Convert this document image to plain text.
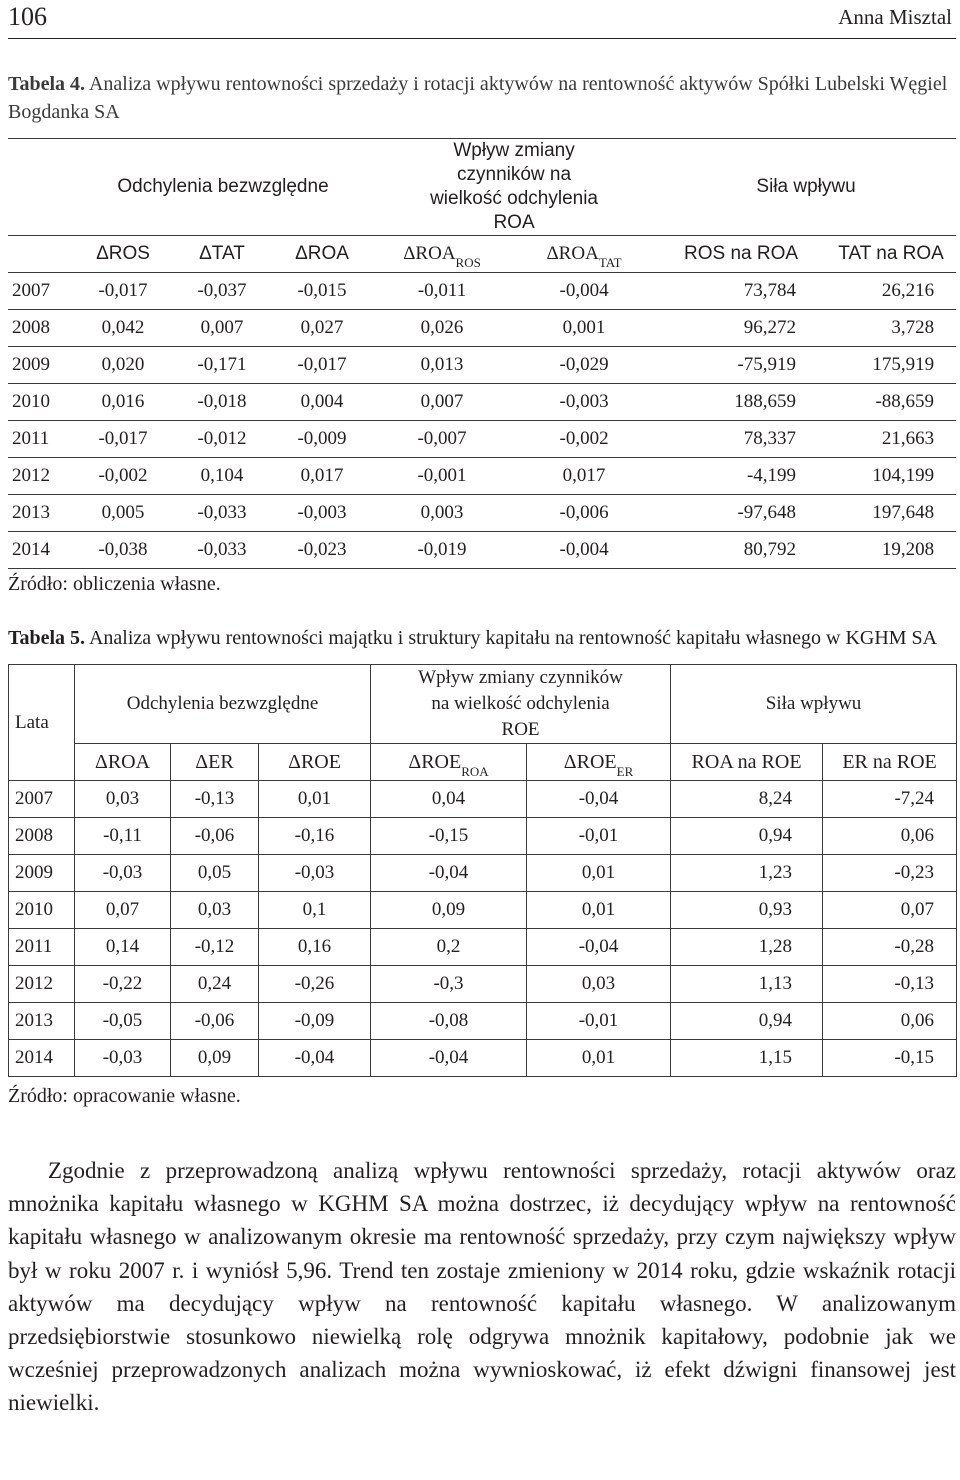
106	Anna Misztal
Tabela 4. Analiza wpływu rentowności sprzedaży i rotacji aktywów na rentowność aktywów Spółki Lubelski Węgiel Bogdanka SA
	Odchylenia bezwzględne			Wpływ zmiany czynników na wielkość odchylenia ROA		Siła wpływu	
	ΔROS	ΔTAT	ΔROA	$\Delta ROA_{ROS}$	$\Delta ROA_{TAT}$	ROS na ROA	TAT na ROA
2007	-0,017	-0,037	-0,015	-0,011	-0,004	73,784	26,216
2008	0,042	0,007	0,027	0,026	0,001	96,272	3,728
2009	0,020	-0,171	-0,017	0,013	-0,029	-75,919	175,919
2010	0,016	-0,018	0,004	0,007	-0,003	188,659	-88,659
2011	-0,017	-0,012	-0,009	-0,007	-0,002	78,337	21,663
2012	-0,002	0,104	0,017	-0,001	0,017	-4,199	104,199
2013	0,005	-0,033	-0,003	0,003	-0,006	-97,648	197,648
2014	-0,038	-0,033	-0,023	-0,019	-0,004	80,792	19,208
Źródło: obliczenia własne.
Tabela 5. Analiza wpływu rentowności majątku i struktury kapitału na rentowność kapitału własnego w KGHM SA
Lata	Odchylenia bezwzględne			Wpływ zmiany czynników na wielkość odchylenia ROE		Siła wpływu	
	ΔROA	ΔER	ΔROE	$\Delta ROE_{ROA}$	$\Delta ROE_{ER}$	ROA na ROE	ER na ROE
2007	0,03	-0,13	0,01	0,04	-0,04	8,24	-7,24
2008	-0,11	-0,06	-0,16	-0,15	-0,01	0,94	0,06
2009	-0,03	0,05	-0,03	-0,04	0,01	1,23	-0,23
2010	0,07	0,03	0,1	0,09	0,01	0,93	0,07
2011	0,14	-0,12	0,16	0,2	-0,04	1,28	-0,28
2012	-0,22	0,24	-0,26	-0,3	0,03	1,13	-0,13
2013	-0,05	-0,06	-0,09	-0,08	-0,01	0,94	0,06
2014	-0,03	0,09	-0,04	-0,04	0,01	1,15	-0,15
Źródło: opracowanie własne.
Zgodnie z przeprowadzoną analizą wpływu rentowności sprzedaży, rotacji aktywów oraz mnożnika kapitału własnego w KGHM SA można dostrzec, iż decydujący wpływ na rentowność kapitału własnego w analizowanym okresie ma rentowność sprzedaży, przy czym największy wpływ był w roku 2007 r. i wyniósł 5,96. Trend ten zostaje zmieniony w 2014 roku, gdzie wskaźnik rotacji aktywów ma decydujący wpływ na rentowność kapitału własnego. W analizowanym przedsiębiorstwie stosunkowo niewielką rolę odgrywa mnożnik kapitałowy, podobnie jak we wcześniej przeprowadzonych analizach można wywnioskować, iż efekt dźwigni finansowej jest niewielki.
